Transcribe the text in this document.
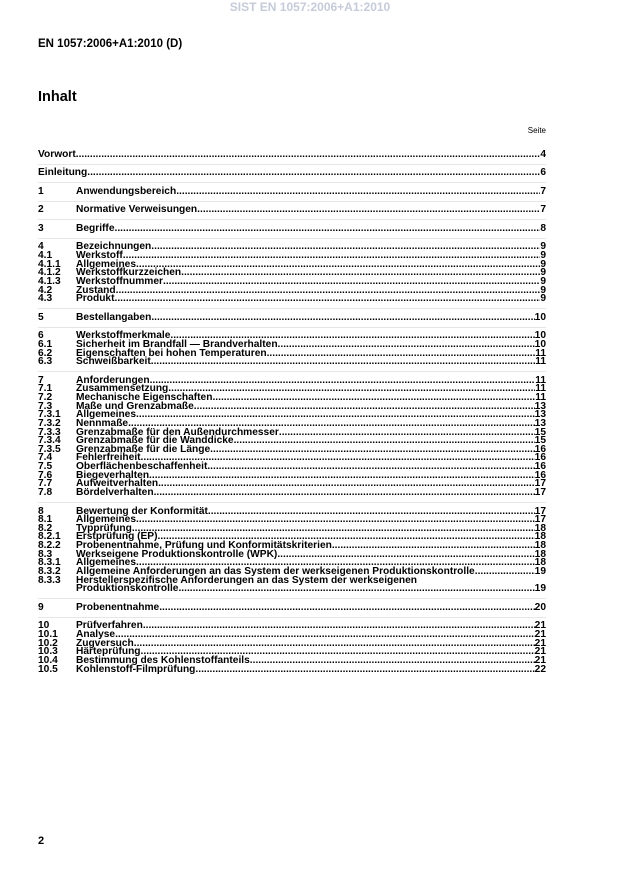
SIST EN 1057:2006+A1:2010
EN 1057:2006+A1:2010 (D)
Inhalt
Seite
Vorwort .....	4
Einleitung .....	6
1	Anwendungsbereich .....	7
2	Normative Verweisungen .....	7
3	Begriffe .....	8
4	Bezeichnungen .....	9
4.1	Werkstoff .....	9
4.1.1	Allgemeines .....	9
4.1.2	Werkstoffkurzzeichen .....	9
4.1.3	Werkstoffnummer .....	9
4.2	Zustand .....	9
4.3	Produkt .....	9
5	Bestellangaben .....	10
6	Werkstoffmerkmale .....	10
6.1	Sicherheit im Brandfall — Brandverhalten .....	10
6.2	Eigenschaften bei hohen Temperaturen .....	11
6.3	Schweißbarkeit .....	11
7	Anforderungen .....	11
7.1	Zusammensetzung .....	11
7.2	Mechanische Eigenschaften .....	11
7.3	Maße und Grenzabmaße .....	13
7.3.1	Allgemeines .....	13
7.3.2	Nennmaße .....	13
7.3.3	Grenzabmaße für den Außendurchmesser .....	15
7.3.4	Grenzabmaße für die Wanddicke .....	15
7.3.5	Grenzabmaße für die Länge .....	16
7.4	Fehlerfreiheit .....	16
7.5	Oberflächenbeschaffenheit .....	16
7.6	Biegeverhalten .....	16
7.7	Aufweitverhalten .....	17
7.8	Bördelverhalten .....	17
8	Bewertung der Konformität .....	17
8.1	Allgemeines .....	17
8.2	Typprüfung .....	18
8.2.1	Erstprüfung (EP) .....	18
8.2.2	Probenentnahme, Prüfung und Konformitätskriterien .....	18
8.3	Werkseigene Produktionskontrolle (WPK) .....	18
8.3.1	Allgemeines .....	18
8.3.2	Allgemeine Anforderungen an das System der werkseigenen Produktionskontrolle .....	19
8.3.3	Herstellerspezifische Anforderungen an das System der werkseigenen
Produktionskontrolle .....	19
9	Probenentnahme .....	20
10	Prüfverfahren .....	21
10.1	Analyse .....	21
10.2	Zugversuch .....	21
10.3	Härteprüfung .....	21
10.4	Bestimmung des Kohlenstoffanteils .....	21
10.5	Kohlenstoff-Filmprüfung .....	22
2
